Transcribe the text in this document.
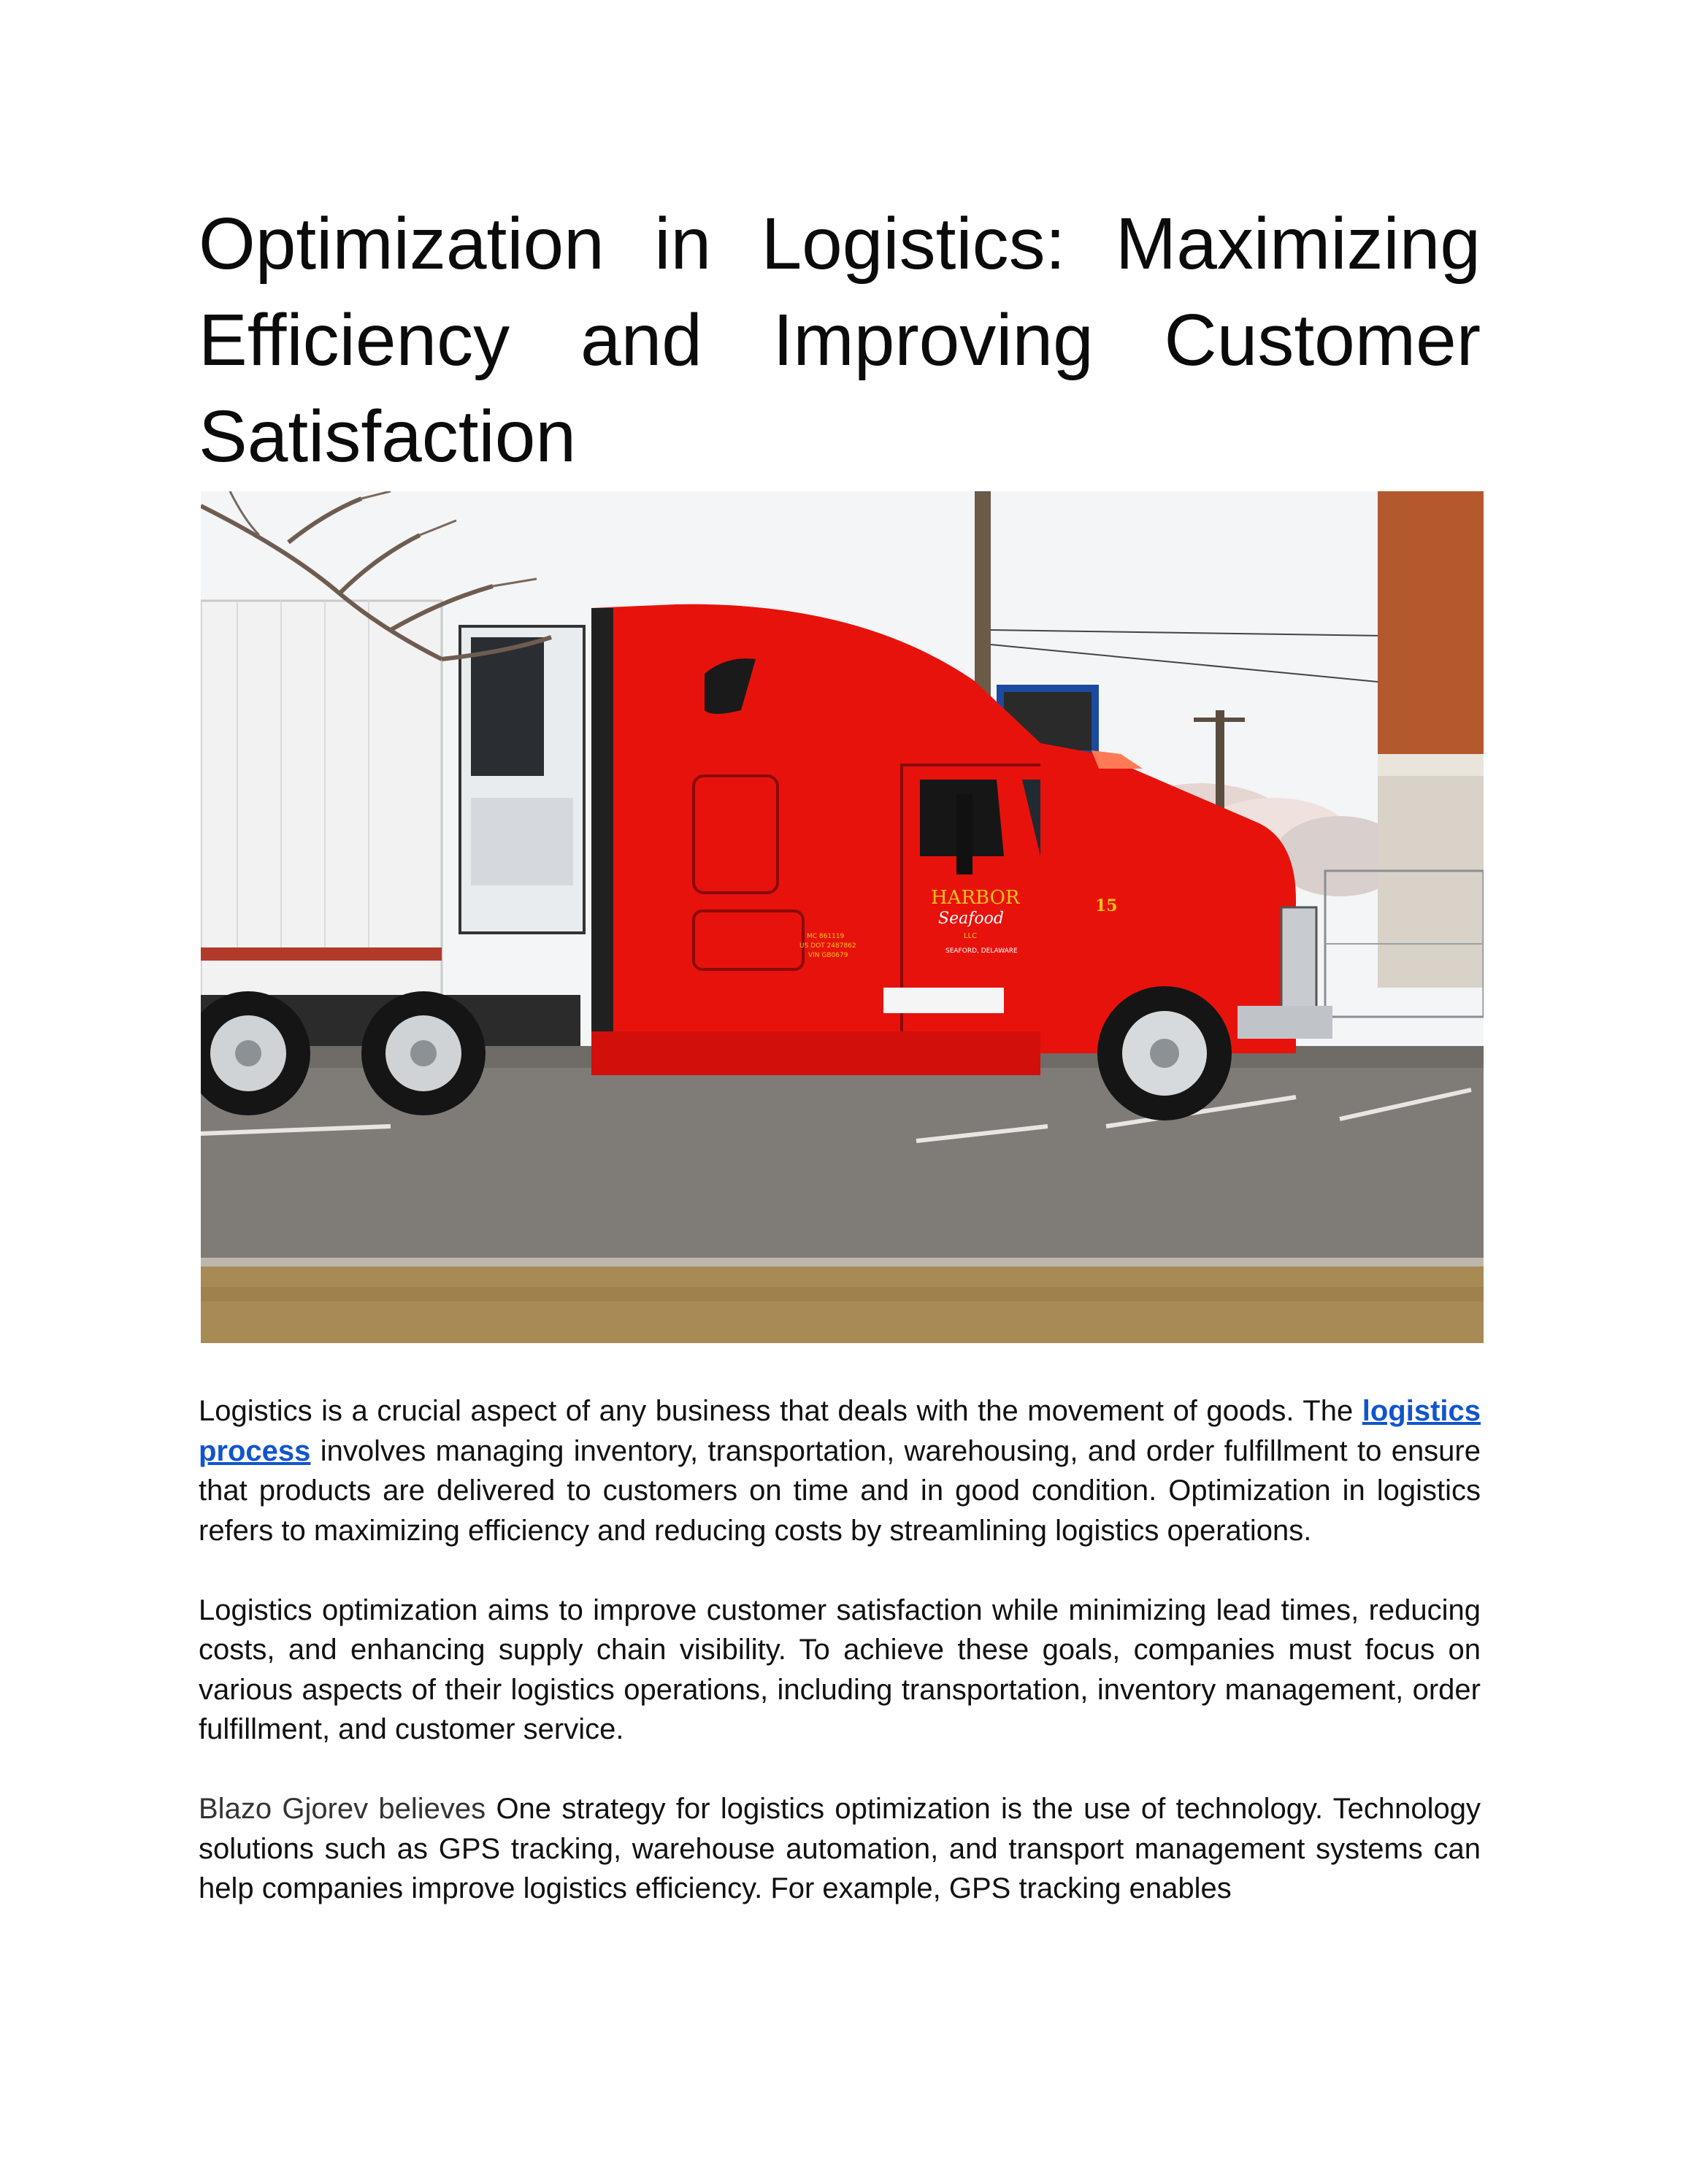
Optimization in Logistics: Maximizing Efficiency and Improving Customer Satisfaction
HARBOR
Seafood
LLC
SEAFORD, DELAWARE
15
MC 861119
US DOT 2487862
VIN GB0679

Logistics is a crucial aspect of any business that deals with the movement of goods. The logistics process involves managing inventory, transportation, warehousing, and order fulfillment to ensure that products are delivered to customers on time and in good condition. Optimization in logistics refers to maximizing efficiency and reducing costs by streamlining logistics operations.

Logistics optimization aims to improve customer satisfaction while minimizing lead times, reducing costs, and enhancing supply chain visibility. To achieve these goals, companies must focus on various aspects of their logistics operations, including transportation, inventory management, order fulfillment, and customer service.

Blazo Gjorev believes One strategy for logistics optimization is the use of technology. Technology solutions such as GPS tracking, warehouse automation, and transport management systems can help companies improve logistics efficiency. For example, GPS tracking enables
